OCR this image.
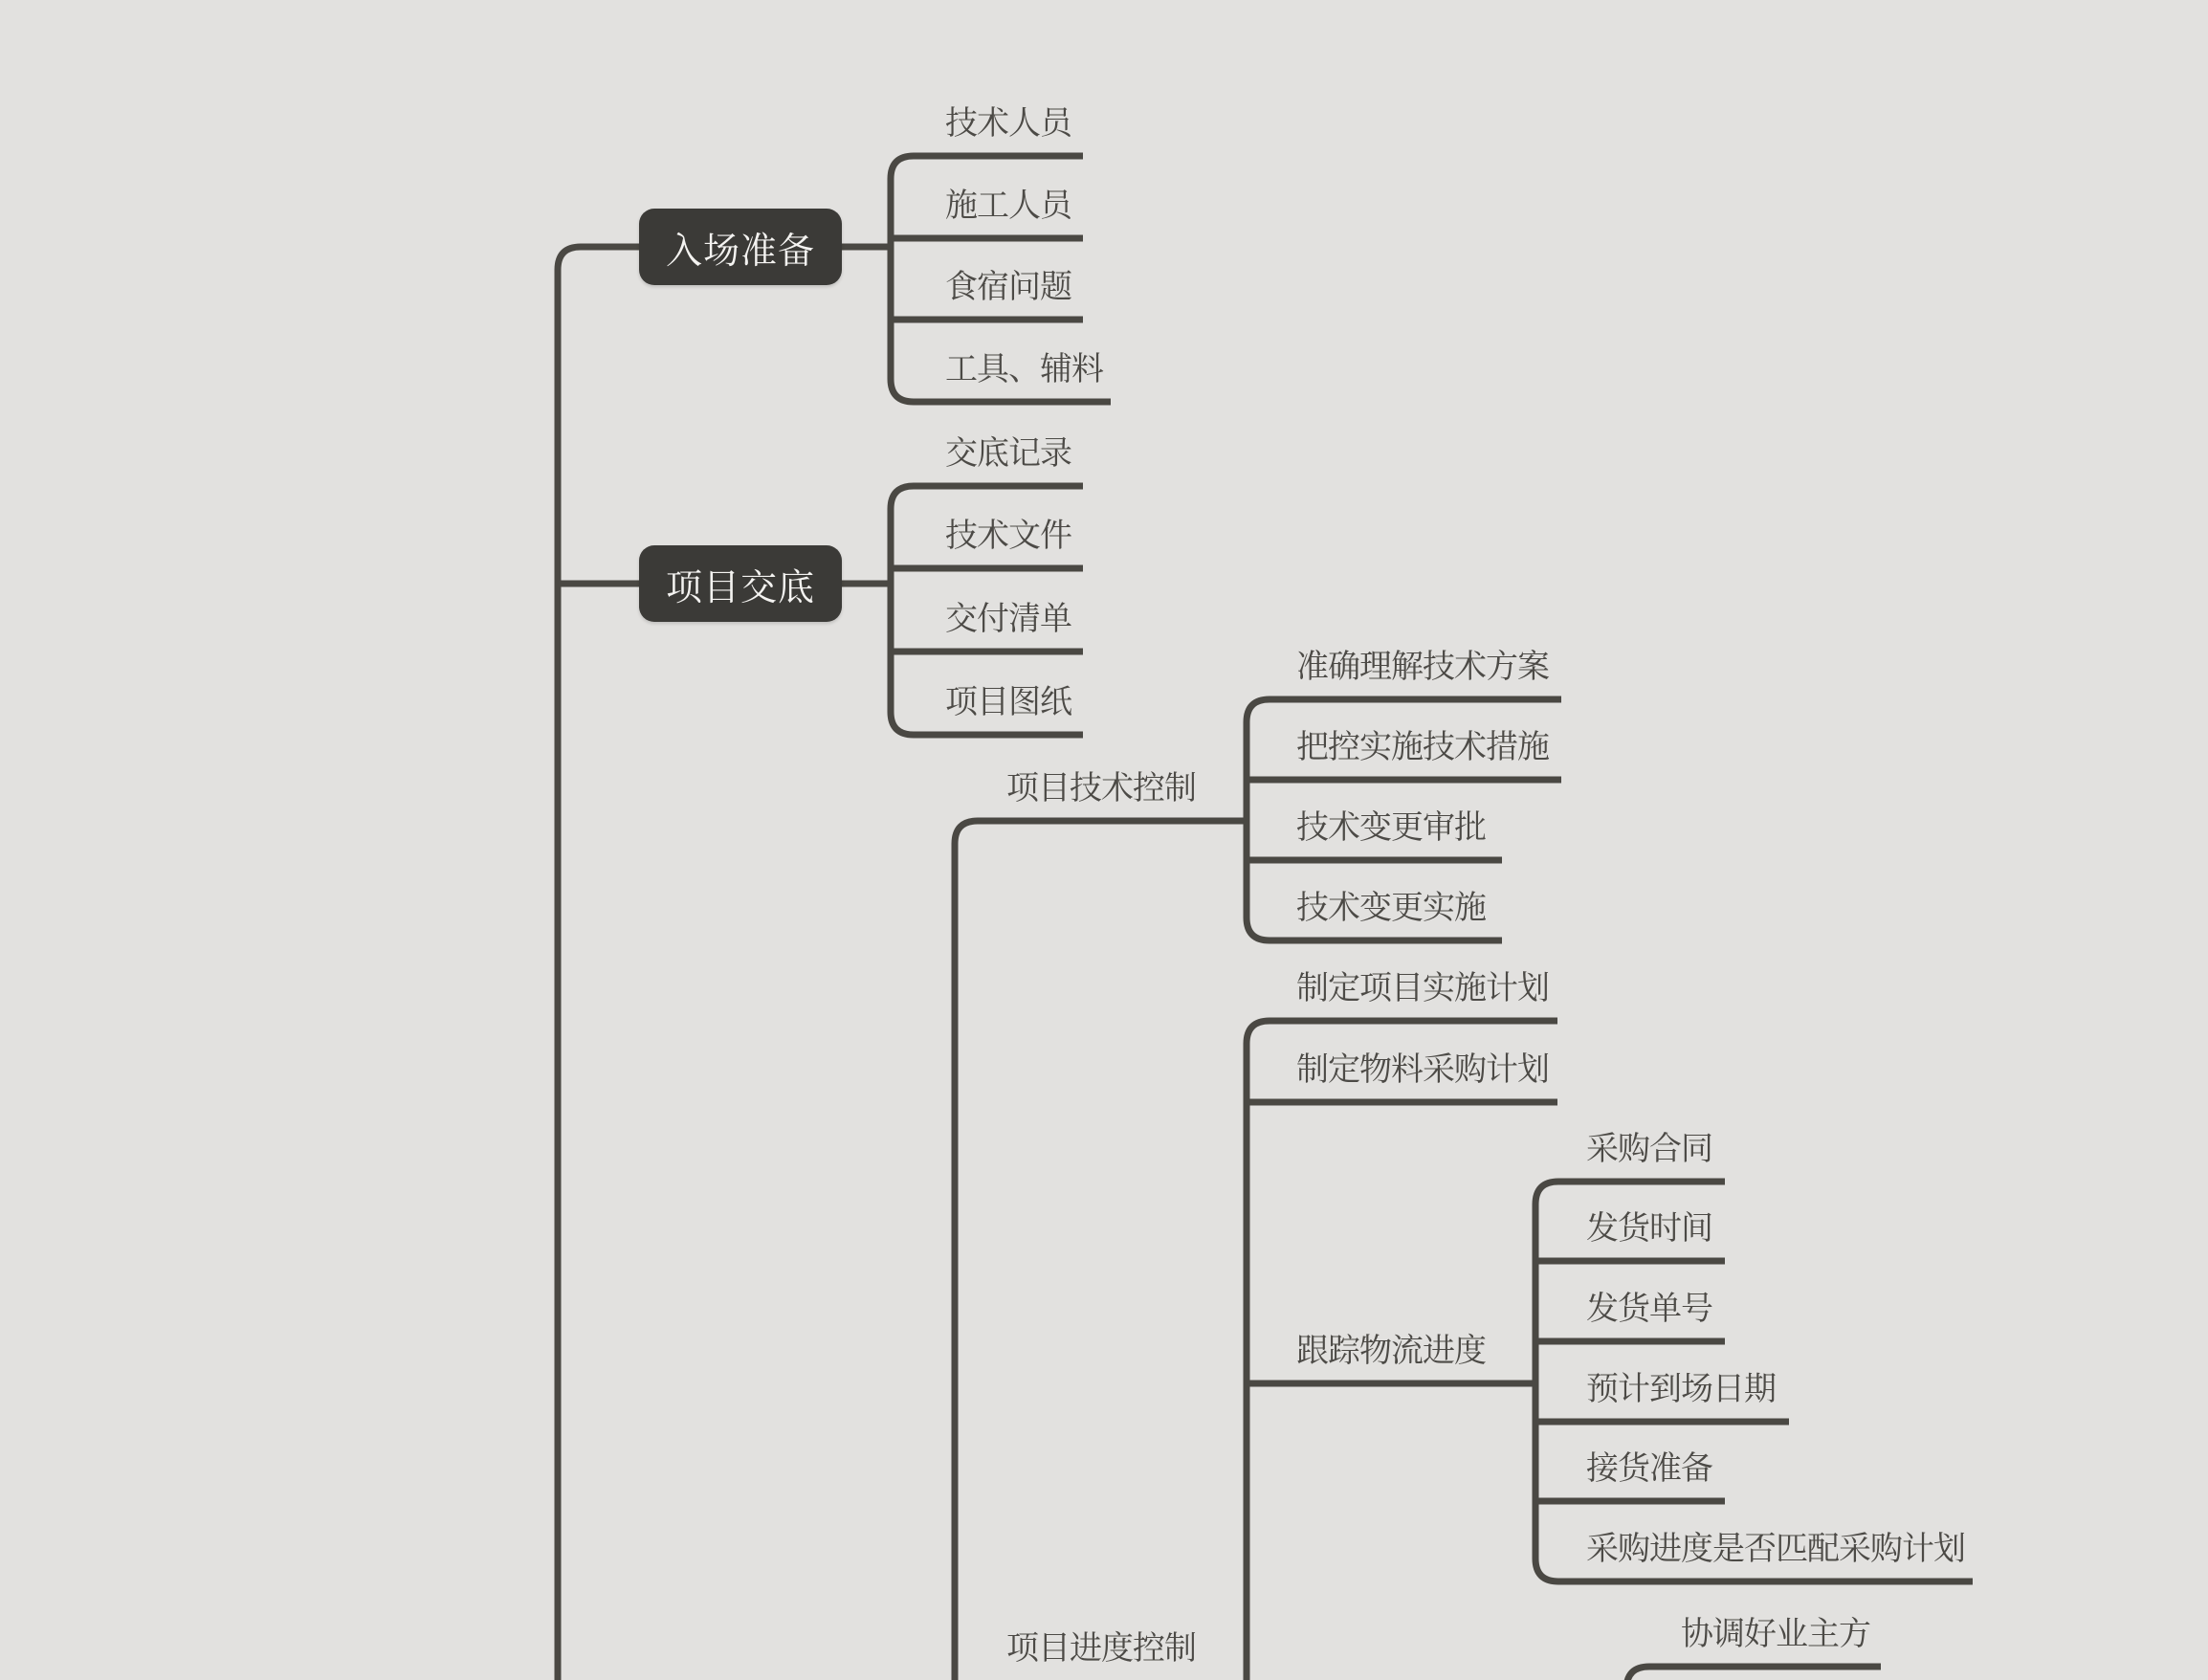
入场准备
项目交底
技术人员
施工人员
食宿问题
工具、辅料
交底记录
技术文件
交付清单
项目图纸
项目技术控制
准确理解技术方案
把控实施技术措施
技术变更审批
技术变更实施
项目进度控制
制定项目实施计划
制定物料采购计划
跟踪物流进度
采购合同
发货时间
发货单号
预计到场日期
接货准备
采购进度是否匹配采购计划
协调好业主方
